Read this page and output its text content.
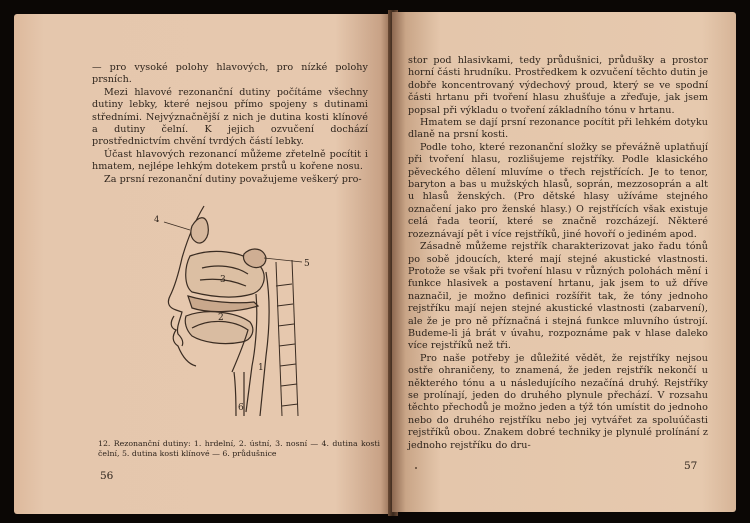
— pro vysoké polohy hlavových, pro nízké polohy prsních.

Mezi hlavové rezonanční dutiny počítáme všechny dutiny lebky, které nejsou přímo spojeny s dutinami středními. Nejvýznačnější z nich je dutina kosti klínové a dutiny čelní. K jejich ozvučení dochází prostřednictvím chvění tvrdých částí lebky.

Účast hlavových rezonancí můžeme zřetelně pocítit i hmatem, nejlépe lehkým dotekem prstů u kořene nosu.

Za prsní rezonanční dutiny považujeme veškerý pro-

4
5
3
2
1
6
12. Rezonanční dutiny: 1. hrdelní, 2. ústní, 3. nosní — 4. dutina kosti čelní, 5. dutina kosti klínové — 6. průdušnice
56

stor pod hlasivkami, tedy průdušnici, průdušky a prostor horní části hrudníku. Prostředkem k ozvučení těchto dutin je dobře koncentrovaný výdechový proud, který se ve spodní části hrtanu při tvoření hlasu zhušťuje a zřeďuje, jak jsem popsal při výkladu o tvoření základního tónu v hrtanu.

Hmatem se dají prsní rezonance pocítit při lehkém dotyku dlaně na prsní kosti.

Podle toho, které rezonanční složky se převážně uplatňují při tvoření hlasu, rozlišujeme rejstříky. Podle klasického pěveckého dělení mluvíme o třech rejstřících. Je to tenor, baryton a bas u mužských hlasů, soprán, mezzosoprán a alt u hlasů ženských. (Pro dětské hlasy užíváme stejného označení jako pro ženské hlasy.) O rejstřících však existuje celá řada teorií, které se značně rozcházejí. Některé rozeznávají pět i více rejstříků, jiné hovoří o jediném apod.

Zásadně můžeme rejstřík charakterizovat jako řadu tónů po sobě jdoucích, které mají stejné akustické vlastnosti. Protože se však při tvoření hlasu v různých polohách mění i funkce hlasivek a postavení hrtanu, jak jsem to už dříve naznačil, je možno definici rozšířit tak, že tóny jednoho rejstříku mají nejen stejné akustické vlastnosti (zabarvení), ale že je pro ně příznačná i stejná funkce mluvního ústrojí. Budeme-li já brát v úvahu, rozpoznáme pak v hlase daleko více rejstříků než tři.

Pro naše potřeby je důležité vědět, že rejstříky nejsou ostře ohraničeny, to znamená, že jeden rejstřík nekončí u některého tónu a u následujícího nezačíná druhý. Rejstříky se prolínají, jeden do druhého plynule přechází. V rozsahu těchto přechodů je možno jeden a týž tón umístit do jednoho nebo do druhého rejstříku nebo jej vytvářet za spoluúčasti rejstříků obou. Znakem dobré techniky je plynulé prolínání z jednoho rejstříku do dru-

57
